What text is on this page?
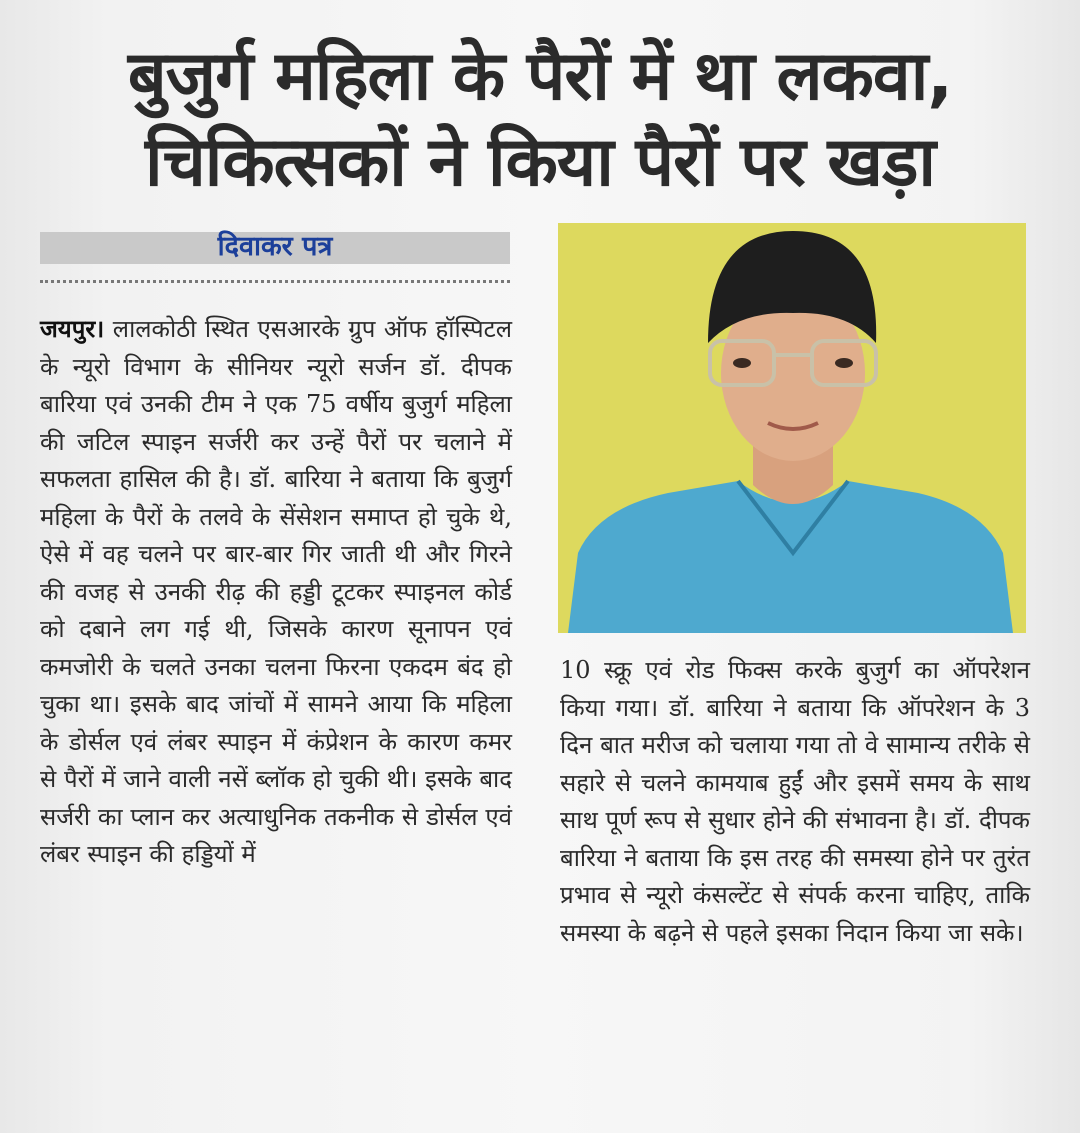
बुजुर्ग महिला के पैरों में था लकवा,
चिकित्सकों ने किया पैरों पर खड़ा
दिवाकर पत्र

जयपुर। लालकोठी स्थित एसआरके ग्रुप ऑफ हॉस्पिटल के न्यूरो विभाग के सीनियर न्यूरो सर्जन डॉ. दीपक बारिया एवं उनकी टीम ने एक 75 वर्षीय बुजुर्ग महिला की जटिल स्पाइन सर्जरी कर उन्हें पैरों पर चलाने में सफलता हासिल की है। डॉ. बारिया ने बताया कि बुजुर्ग महिला के पैरों के तलवे के सेंसेशन समाप्त हो चुके थे, ऐसे में वह चलने पर बार-बार गिर जाती थी और गिरने की वजह से उनकी रीढ़ की हड्डी टूटकर स्पाइनल कोर्ड को दबाने लग गई थी, जिसके कारण सूनापन एवं कमजोरी के चलते उनका चलना फिरना एकदम बंद हो चुका था। इसके बाद जांचों में सामने आया कि महिला के डोर्सल एवं लंबर स्पाइन में कंप्रेशन के कारण कमर से पैरों में जाने वाली नसें ब्लॉक हो चुकी थी। इसके बाद सर्जरी का प्लान कर अत्याधुनिक तकनीक से डोर्सल एवं लंबर स्पाइन की हड्डियों में

10 स्क्रू एवं रोड फिक्स करके बुजुर्ग का ऑपरेशन किया गया। डॉ. बारिया ने बताया कि ऑपरेशन के 3 दिन बात मरीज को चलाया गया तो वे सामान्य तरीके से सहारे से चलने कामयाब हुईं और इसमें समय के साथ साथ पूर्ण रूप से सुधार होने की संभावना है। डॉ. दीपक बारिया ने बताया कि इस तरह की समस्या होने पर तुरंत प्रभाव से न्यूरो कंसल्टेंट से संपर्क करना चाहिए, ताकि समस्या के बढ़ने से पहले इसका निदान किया जा सके।
